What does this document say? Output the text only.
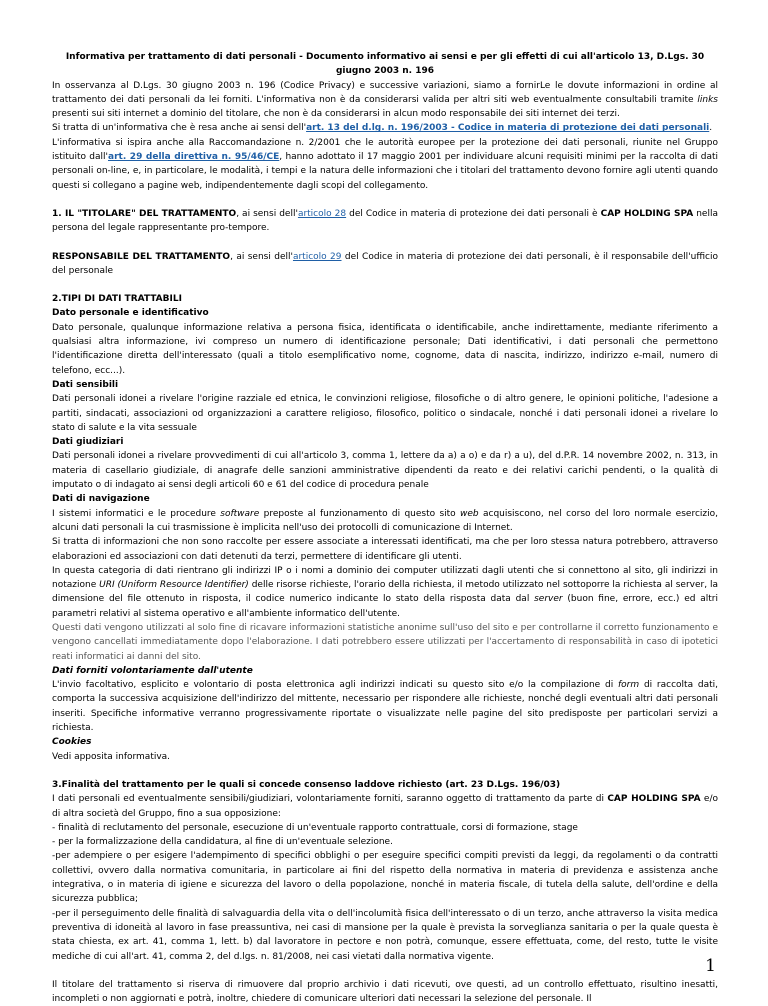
Informativa per trattamento di dati personali - Documento informativo ai sensi e per gli effetti di cui all'articolo 13, D.Lgs. 30 giugno 2003 n. 196

In osservanza al D.Lgs. 30 giugno 2003 n. 196 (Codice Privacy) e successive variazioni, siamo a fornirLe le dovute informazioni in ordine al trattamento dei dati personali da lei forniti. L'informativa non è da considerarsi valida per altri siti web eventualmente consultabili tramite links presenti sui siti internet a dominio del titolare, che non è da considerarsi in alcun modo responsabile dei siti internet dei terzi.

Si tratta di un'informativa che è resa anche ai sensi dell'art. 13 del d.lg. n. 196/2003 - Codice in materia di protezione dei dati personali.

L'informativa si ispira anche alla Raccomandazione n. 2/2001 che le autorità europee per la protezione dei dati personali, riunite nel Gruppo istituito dall'art. 29 della direttiva n. 95/46/CE, hanno adottato il 17 maggio 2001 per individuare alcuni requisiti minimi per la raccolta di dati personali on-line, e, in particolare, le modalità, i tempi e la natura delle informazioni che i titolari del trattamento devono fornire agli utenti quando questi si collegano a pagine web, indipendentemente dagli scopi del collegamento.

1. IL "TITOLARE" DEL TRATTAMENTO, ai sensi dell'articolo 28 del Codice in materia di protezione dei dati personali è CAP HOLDING SPA nella persona del legale rappresentante pro-tempore.

RESPONSABILE DEL TRATTAMENTO, ai sensi dell'articolo 29 del Codice in materia di protezione dei dati personali, è il responsabile dell'ufficio del personale

2.TIPI DI DATI TRATTABILI

Dato personale e identificativo

Dato personale, qualunque informazione relativa a persona fisica, identificata o identificabile, anche indirettamente, mediante riferimento a qualsiasi altra informazione, ivi compreso un numero di identificazione personale; Dati identificativi, i dati personali che permettono l'identificazione diretta dell'interessato (quali a titolo esemplificativo nome, cognome, data di nascita, indirizzo, indirizzo e-mail, numero di telefono, ecc...).

Dati sensibili

Dati personali idonei a rivelare l'origine razziale ed etnica, le convinzioni religiose, filosofiche o di altro genere, le opinioni politiche, l'adesione a partiti, sindacati, associazioni od organizzazioni a carattere religioso, filosofico, politico o sindacale, nonché i dati personali idonei a rivelare lo stato di salute e la vita sessuale

Dati giudiziari

Dati personali idonei a rivelare provvedimenti di cui all'articolo 3, comma 1, lettere da a) a o) e da r) a u), del d.P.R. 14 novembre 2002, n. 313, in materia di casellario giudiziale, di anagrafe delle sanzioni amministrative dipendenti da reato e dei relativi carichi pendenti, o la qualità di imputato o di indagato ai sensi degli articoli 60 e 61 del codice di procedura penale

Dati di navigazione

I sistemi informatici e le procedure software preposte al funzionamento di questo sito web acquisiscono, nel corso del loro normale esercizio, alcuni dati personali la cui trasmissione è implicita nell'uso dei protocolli di comunicazione di Internet.

Si tratta di informazioni che non sono raccolte per essere associate a interessati identificati, ma che per loro stessa natura potrebbero, attraverso elaborazioni ed associazioni con dati detenuti da terzi, permettere di identificare gli utenti.

In questa categoria di dati rientrano gli indirizzi IP o i nomi a dominio dei computer utilizzati dagli utenti che si connettono al sito, gli indirizzi in notazione URI (Uniform Resource Identifier) delle risorse richieste, l'orario della richiesta, il metodo utilizzato nel sottoporre la richiesta al server, la dimensione del file ottenuto in risposta, il codice numerico indicante lo stato della risposta data dal server (buon fine, errore, ecc.) ed altri parametri relativi al sistema operativo e all'ambiente informatico dell'utente.

Questi dati vengono utilizzati al solo fine di ricavare informazioni statistiche anonime sull'uso del sito e per controllarne il corretto funzionamento e vengono cancellati immediatamente dopo l'elaborazione. I dati potrebbero essere utilizzati per l'accertamento di responsabilità in caso di ipotetici reati informatici ai danni del sito.

Dati forniti volontariamente dall'utente

L'invio facoltativo, esplicito e volontario di posta elettronica agli indirizzi indicati su questo sito e/o la compilazione di form di raccolta dati, comporta la successiva acquisizione dell'indirizzo del mittente, necessario per rispondere alle richieste, nonché degli eventuali altri dati personali inseriti. Specifiche informative verranno progressivamente riportate o visualizzate nelle pagine del sito predisposte per particolari servizi a richiesta.

Cookies

Vedi apposita informativa.

3.Finalità del trattamento per le quali si concede consenso laddove richiesto (art. 23 D.Lgs. 196/03)

I dati personali ed eventualmente sensibili/giudiziari, volontariamente forniti, saranno oggetto di trattamento da parte di CAP HOLDING SPA e/o di altra società del Gruppo, fino a sua opposizione:

- finalità di reclutamento del personale, esecuzione di un'eventuale rapporto contrattuale, corsi di formazione, stage

- per la formalizzazione della candidatura, al fine di un'eventuale selezione.

-per adempiere o per esigere l'adempimento di specifici obblighi o per eseguire specifici compiti previsti da leggi, da regolamenti o da contratti collettivi, ovvero dalla normativa comunitaria, in particolare ai fini del rispetto della normativa in materia di previdenza e assistenza anche integrativa, o in materia di igiene e sicurezza del lavoro o della popolazione, nonché in materia fiscale, di tutela della salute, dell'ordine e della sicurezza pubblica;

-per il perseguimento delle finalità di salvaguardia della vita o dell'incolumità fisica dell'interessato o di un terzo, anche attraverso la visita medica preventiva di idoneità al lavoro in fase preassuntiva, nei casi di mansione per la quale è prevista la sorveglianza sanitaria o per la quale questa è stata chiesta, ex art. 41, comma 1, lett. b) dal lavoratore in pectore e non potrà, comunque, essere effettuata, come, del resto, tutte le visite mediche di cui all'art. 41, comma 2, del d.lgs. n. 81/2008, nei casi vietati dalla normativa vigente.

Il titolare del trattamento si riserva di rimuovere dal proprio archivio i dati ricevuti, ove questi, ad un controllo effettuato, risultino inesatti, incompleti o non aggiornati e potrà, inoltre, chiedere di comunicare ulteriori dati necessari la selezione del personale. Il

1
